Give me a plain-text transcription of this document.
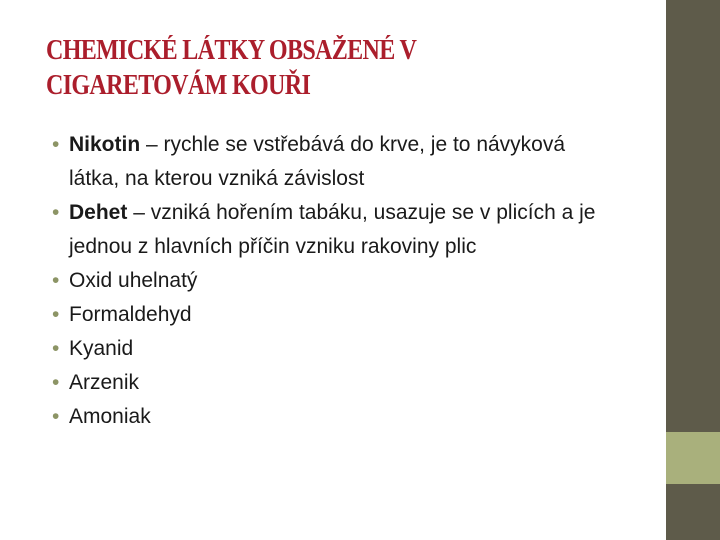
CHEMICKÉ LÁTKY OBSAŽENÉ V
CIGARETOVÁM KOUŘI
• Nikotin – rychle se vstřebává do krve, je to návyková látka, na kterou vzniká závislost
• Dehet – vzniká hořením tabáku, usazuje se v plicích a je jednou z hlavních příčin vzniku rakoviny plic
• Oxid uhelnatý
• Formaldehyd
• Kyanid
• Arzenik
• Amoniak
